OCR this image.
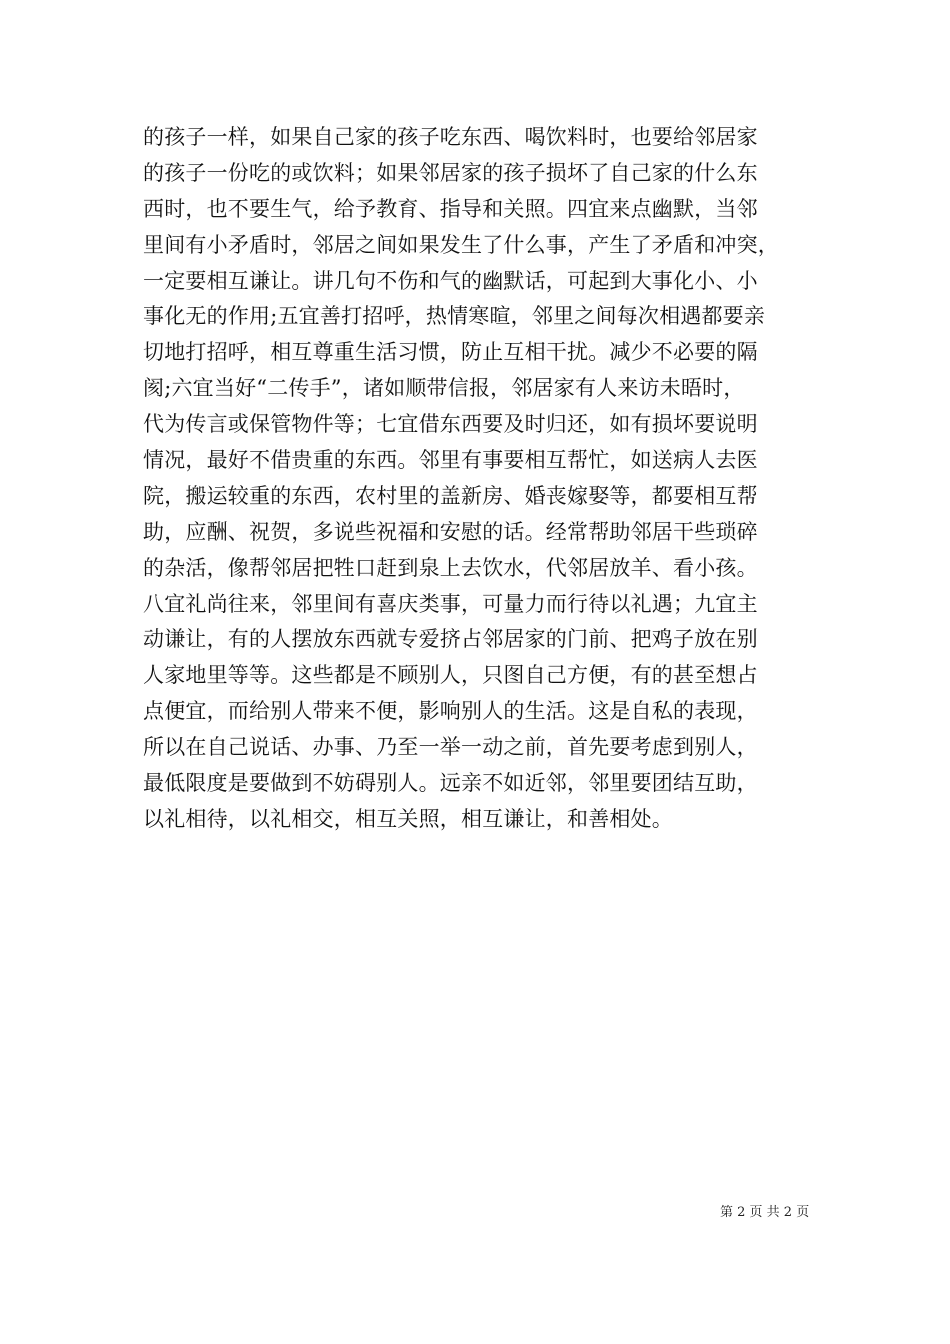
的孩子一样，如果自己家的孩子吃东西、喝饮料时，也要给邻居家
的孩子一份吃的或饮料；如果邻居家的孩子损坏了自己家的什么东
西时，也不要生气，给予教育、指导和关照。四宜来点幽默，当邻
里间有小矛盾时，邻居之间如果发生了什么事，产生了矛盾和冲突，
一定要相互谦让。讲几句不伤和气的幽默话，可起到大事化小、小
事化无的作用;五宜善打招呼，热情寒暄，邻里之间每次相遇都要亲
切地打招呼，相互尊重生活习惯，防止互相干扰。减少不必要的隔
阂;六宜当好“二传手”，诸如顺带信报，邻居家有人来访未晤时，
代为传言或保管物件等；七宜借东西要及时归还，如有损坏要说明
情况，最好不借贵重的东西。邻里有事要相互帮忙，如送病人去医
院，搬运较重的东西，农村里的盖新房、婚丧嫁娶等，都要相互帮
助，应酬、祝贺，多说些祝福和安慰的话。经常帮助邻居干些琐碎
的杂活，像帮邻居把牲口赶到泉上去饮水，代邻居放羊、看小孩。
八宜礼尚往来，邻里间有喜庆类事，可量力而行待以礼遇；九宜主
动谦让，有的人摆放东西就专爱挤占邻居家的门前、把鸡子放在别
人家地里等等。这些都是不顾别人，只图自己方便，有的甚至想占
点便宜，而给别人带来不便，影响别人的生活。这是自私的表现，
所以在自己说话、办事、乃至一举一动之前，首先要考虑到别人，
最低限度是要做到不妨碍别人。远亲不如近邻，邻里要团结互助，
以礼相待，以礼相交，相互关照，相互谦让，和善相处。
第 2 页 共 2 页
